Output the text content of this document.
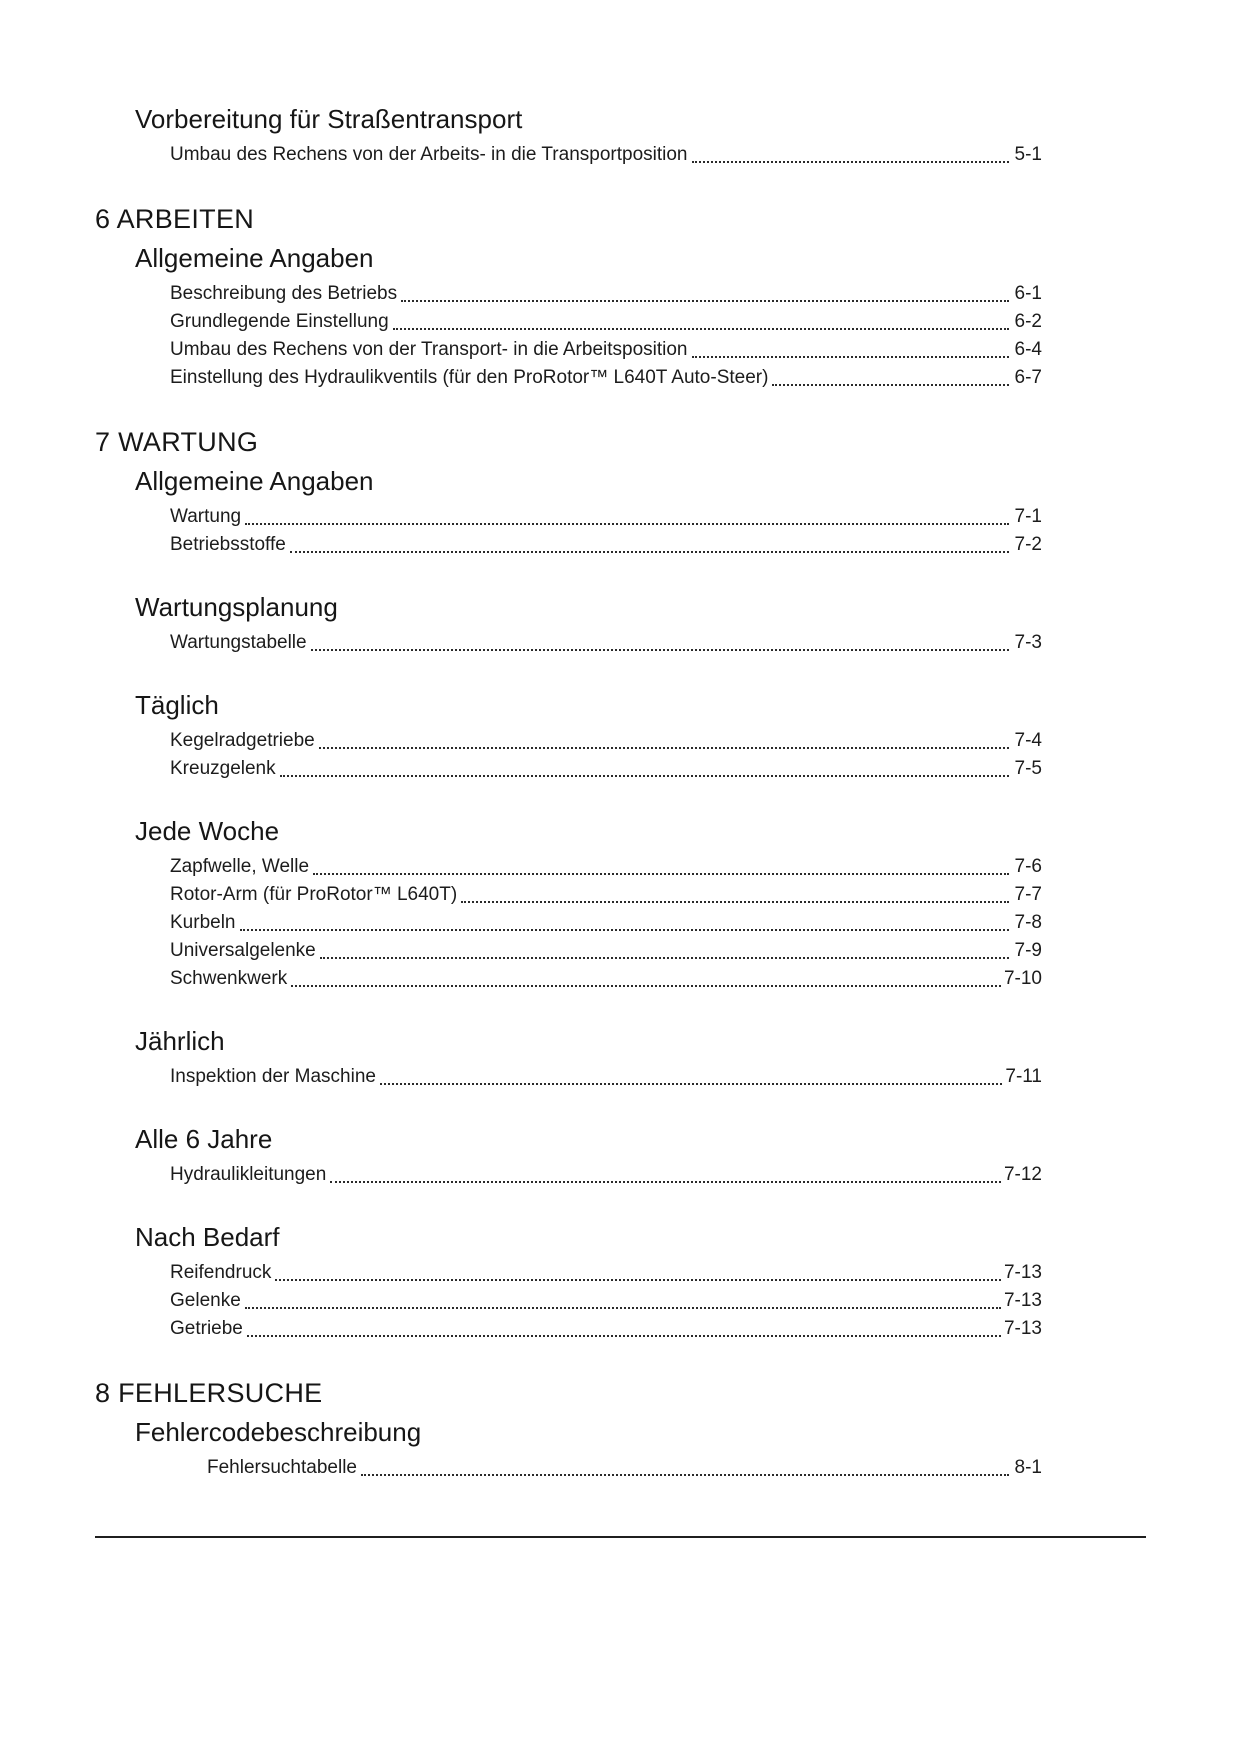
Vorbereitung für Straßentransport
Umbau des Rechens von der Arbeits- in die Transportposition	5-1
6 ARBEITEN
Allgemeine Angaben
Beschreibung des Betriebs	6-1
Grundlegende Einstellung	6-2
Umbau des Rechens von der Transport- in die Arbeitsposition	6-4
Einstellung des Hydraulikventils (für den ProRotor™ L640T Auto-Steer)	6-7
7 WARTUNG
Allgemeine Angaben
Wartung	7-1
Betriebsstoffe	7-2
Wartungsplanung
Wartungstabelle	7-3
Täglich
Kegelradgetriebe	7-4
Kreuzgelenk	7-5
Jede Woche
Zapfwelle, Welle	7-6
Rotor-Arm (für ProRotor™ L640T)	7-7
Kurbeln	7-8
Universalgelenke	7-9
Schwenkwerk	7-10
Jährlich
Inspektion der Maschine	7-11
Alle 6 Jahre
Hydraulikleitungen	7-12
Nach Bedarf
Reifendruck	7-13
Gelenke	7-13
Getriebe	7-13
8 FEHLERSUCHE
Fehlercodebeschreibung
Fehlersuchtabelle	8-1
